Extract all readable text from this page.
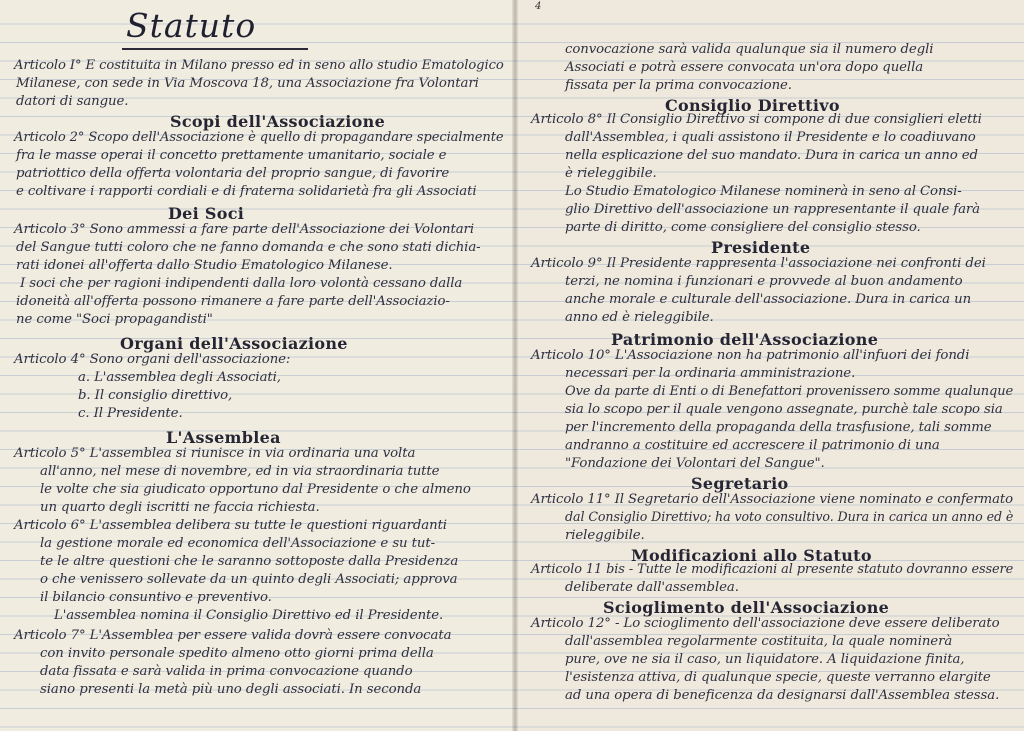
Statuto
Articolo I° E costituita in Milano presso ed in seno allo studio Ematologico
Milanese, con sede in Via Moscova 18, una Associazione fra Volontari
datori di sangue.
Scopi dell'Associazione
Articolo 2° Scopo dell'Associazione è quello di propagandare specialmente
fra le masse operai il concetto prettamente umanitario, sociale e
patriottico della offerta volontaria del proprio sangue, di favorire
e coltivare i rapporti cordiali e di fraterna solidarietà fra gli Associati
Dei Soci
Articolo 3° Sono ammessi a fare parte dell'Associazione dei Volontari
del Sangue tutti coloro che ne fanno domanda e che sono stati dichia-
rati idonei all'offerta dallo Studio Ematologico Milanese.
I soci che per ragioni indipendenti dalla loro volontà cessano dalla
idoneità all'offerta possono rimanere a fare parte dell'Associazio-
ne come "Soci propagandisti"
Organi dell'Associazione
Articolo 4° Sono organi dell'associazione:
a. L'assemblea degli Associati,
b. Il consiglio direttivo,
c. Il Presidente.
L'Assemblea
Articolo 5° L'assemblea si riunisce in via ordinaria una volta
all'anno, nel mese di novembre, ed in via straordinaria tutte
le volte che sia giudicato opportuno dal Presidente o che almeno
un quarto degli iscritti ne faccia richiesta.
Articolo 6° L'assemblea delibera su tutte le questioni riguardanti
la gestione morale ed economica dell'Associazione e su tut-
te le altre questioni che le saranno sottoposte dalla Presidenza
o che venissero sollevate da un quinto degli Associati; approva
il bilancio consuntivo e preventivo.
L'assemblea nomina il Consiglio Direttivo ed il Presidente.
Articolo 7° L'Assemblea per essere valida dovrà essere convocata
con invito personale spedito almeno otto giorni prima della
data fissata e sarà valida in prima convocazione quando
siano presenti la metà più uno degli associati. In seconda
4
convocazione sarà valida qualunque sia il numero degli
Associati e potrà essere convocata un'ora dopo quella
fissata per la prima convocazione.
Consiglio Direttivo
Articolo 8° Il Consiglio Direttivo si compone di due consiglieri eletti
dall'Assemblea, i quali assistono il Presidente e lo coadiuvano
nella esplicazione del suo mandato. Dura in carica un anno ed
è rieleggibile.
Lo Studio Ematologico Milanese nominerà in seno al Consi-
glio Direttivo dell'associazione un rappresentante il quale farà
parte di diritto, come consigliere del consiglio stesso.
Presidente
Articolo 9° Il Presidente rappresenta l'associazione nei confronti dei
terzi, ne nomina i funzionari e provvede al buon andamento
anche morale e culturale dell'associazione. Dura in carica un
anno ed è rieleggibile.
Patrimonio dell'Associazione
Articolo 10° L'Associazione non ha patrimonio all'infuori dei fondi
necessari per la ordinaria amministrazione.
Ove da parte di Enti o di Benefattori provenissero somme qualunque
sia lo scopo per il quale vengono assegnate, purchè tale scopo sia
per l'incremento della propaganda della trasfusione, tali somme
andranno a costituire ed accrescere il patrimonio di una
"Fondazione dei Volontari del Sangue".
Segretario
Articolo 11° Il Segretario dell'Associazione viene nominato e confermato
dal Consiglio Direttivo; ha voto consultivo. Dura in carica un anno ed è
rieleggibile.
Modificazioni allo Statuto
Articolo 11 bis - Tutte le modificazioni al presente statuto dovranno essere
deliberate dall'assemblea.
Scioglimento dell'Associazione
Articolo 12° - Lo scioglimento dell'associazione deve essere deliberato
dall'assemblea regolarmente costituita, la quale nominerà
pure, ove ne sia il caso, un liquidatore. A liquidazione finita,
l'esistenza attiva, di qualunque specie, queste verranno elargite
ad una opera di beneficenza da designarsi dall'Assemblea stessa.
